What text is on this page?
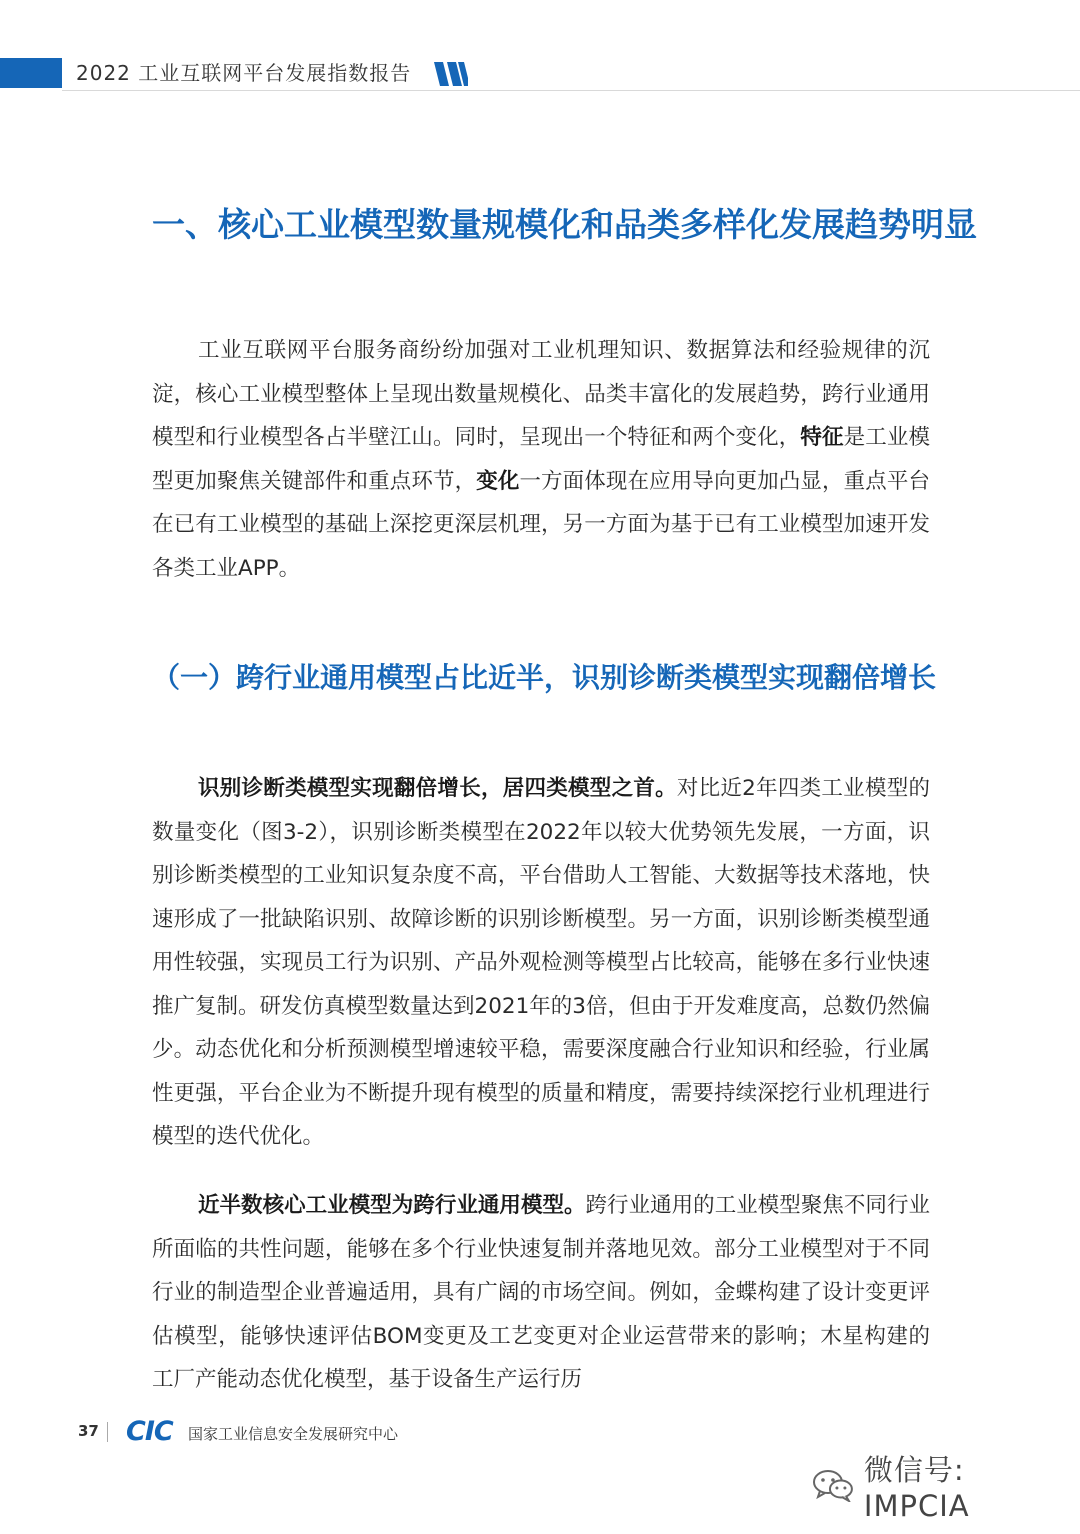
2022 工业互联网平台发展指数报告
一、核心工业模型数量规模化和品类多样化发展趋势明显

工业互联网平台服务商纷纷加强对工业机理知识、数据算法和经验规律的沉淀，核心工业模型整体上呈现出数量规模化、品类丰富化的发展趋势，跨行业通用模型和行业模型各占半壁江山。同时，呈现出一个特征和两个变化，特征是工业模型更加聚焦关键部件和重点环节，变化一方面体现在应用导向更加凸显，重点平台在已有工业模型的基础上深挖更深层机理，另一方面为基于已有工业模型加速开发各类工业APP。

（一）跨行业通用模型占比近半，识别诊断类模型实现翻倍增长

识别诊断类模型实现翻倍增长，居四类模型之首。对比近2年四类工业模型的数量变化（图3-2），识别诊断类模型在2022年以较大优势领先发展，一方面，识别诊断类模型的工业知识复杂度不高，平台借助人工智能、大数据等技术落地，快速形成了一批缺陷识别、故障诊断的识别诊断模型。另一方面，识别诊断类模型通用性较强，实现员工行为识别、产品外观检测等模型占比较高，能够在多行业快速推广复制。研发仿真模型数量达到2021年的3倍，但由于开发难度高，总数仍然偏少。动态优化和分析预测模型增速较平稳，需要深度融合行业知识和经验，行业属性更强，平台企业为不断提升现有模型的质量和精度，需要持续深挖行业机理进行模型的迭代优化。

近半数核心工业模型为跨行业通用模型。跨行业通用的工业模型聚焦不同行业所面临的共性问题，能够在多个行业快速复制并落地见效。部分工业模型对于不同行业的制造型企业普遍适用，具有广阔的市场空间。例如，金蝶构建了设计变更评估模型，能够快速评估BOM变更及工艺变更对企业运营带来的影响；木星构建的工厂产能动态优化模型，基于设备生产运行历

37 CIC 国家工业信息安全发展研究中心
微信号: IMPCIA
